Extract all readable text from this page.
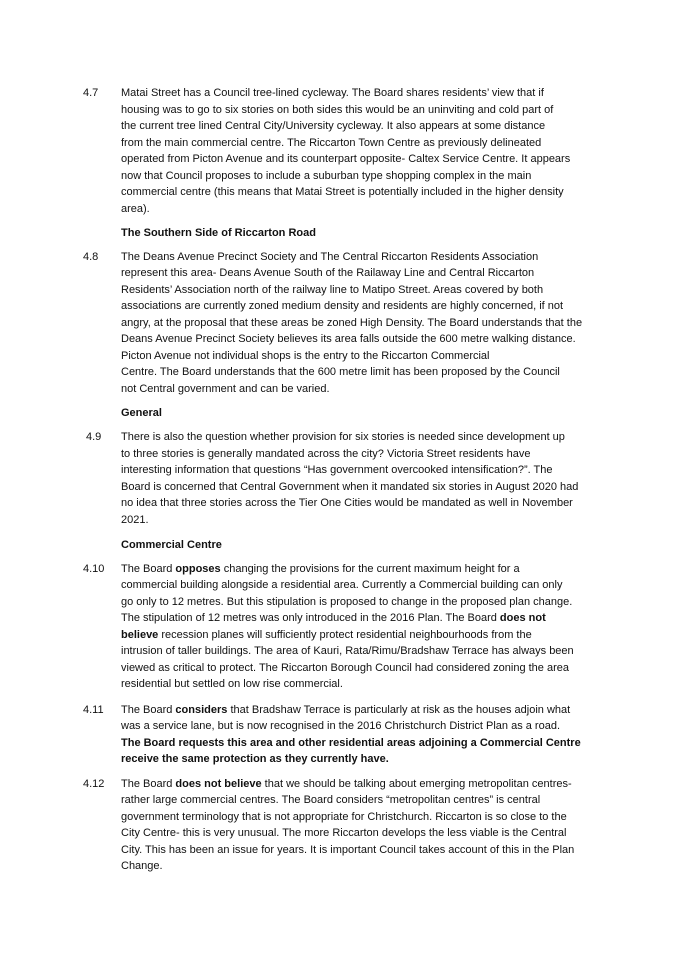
4.7 Matai Street has a Council tree-lined cycleway. The Board shares residents’ view that if
housing was to go to six stories on both sides this would be an uninviting and cold part of
the current tree lined Central City/University cycleway. It also appears at some distance
from the main commercial centre. The Riccarton Town Centre as previously delineated
operated from Picton Avenue and its counterpart opposite- Caltex Service Centre. It appears
now that Council proposes to include a suburban type shopping complex in the main
commercial centre (this means that Matai Street is potentially included in the higher density
area).
The Southern Side of Riccarton Road
4.8 The Deans Avenue Precinct Society and The Central Riccarton Residents Association
represent this area- Deans Avenue South of the Railaway Line and Central Riccarton
Residents’ Association north of the railway line to Matipo Street. Areas covered by both
associations are currently zoned medium density and residents are highly concerned, if not
angry, at the proposal that these areas be zoned High Density. The Board understands that the
Deans Avenue Precinct Society believes its area falls outside the 600 metre walking distance.
Picton Avenue not individual shops is the entry to the Riccarton Commercial
Centre. The Board understands that the 600 metre limit has been proposed by the Council
not Central government and can be varied.
General
4.9 There is also the question whether provision for six stories is needed since development up
to three stories is generally mandated across the city? Victoria Street residents have
interesting information that questions “Has government overcooked intensification?”. The
Board is concerned that Central Government when it mandated six stories in August 2020 had
no idea that three stories across the Tier One Cities would be mandated as well in November
2021.
Commercial Centre
4.10 The Board opposes changing the provisions for the current maximum height for a
commercial building alongside a residential area. Currently a Commercial building can only
go only to 12 metres. But this stipulation is proposed to change in the proposed plan change.
The stipulation of 12 metres was only introduced in the 2016 Plan. The Board does not
believe recession planes will sufficiently protect residential neighbourhoods from the
intrusion of taller buildings. The area of Kauri, Rata/Rimu/Bradshaw Terrace has always been
viewed as critical to protect. The Riccarton Borough Council had considered zoning the area
residential but settled on low rise commercial.
4.11 The Board considers that Bradshaw Terrace is particularly at risk as the houses adjoin what
was a service lane, but is now recognised in the 2016 Christchurch District Plan as a road.
The Board requests this area and other residential areas adjoining a Commercial Centre
receive the same protection as they currently have.
4.12 The Board does not believe that we should be talking about emerging metropolitan centres-
rather large commercial centres. The Board considers “metropolitan centres” is central
government terminology that is not appropriate for Christchurch. Riccarton is so close to the
City Centre- this is very unusual. The more Riccarton develops the less viable is the Central
City. This has been an issue for years. It is important Council takes account of this in the Plan
Change.
